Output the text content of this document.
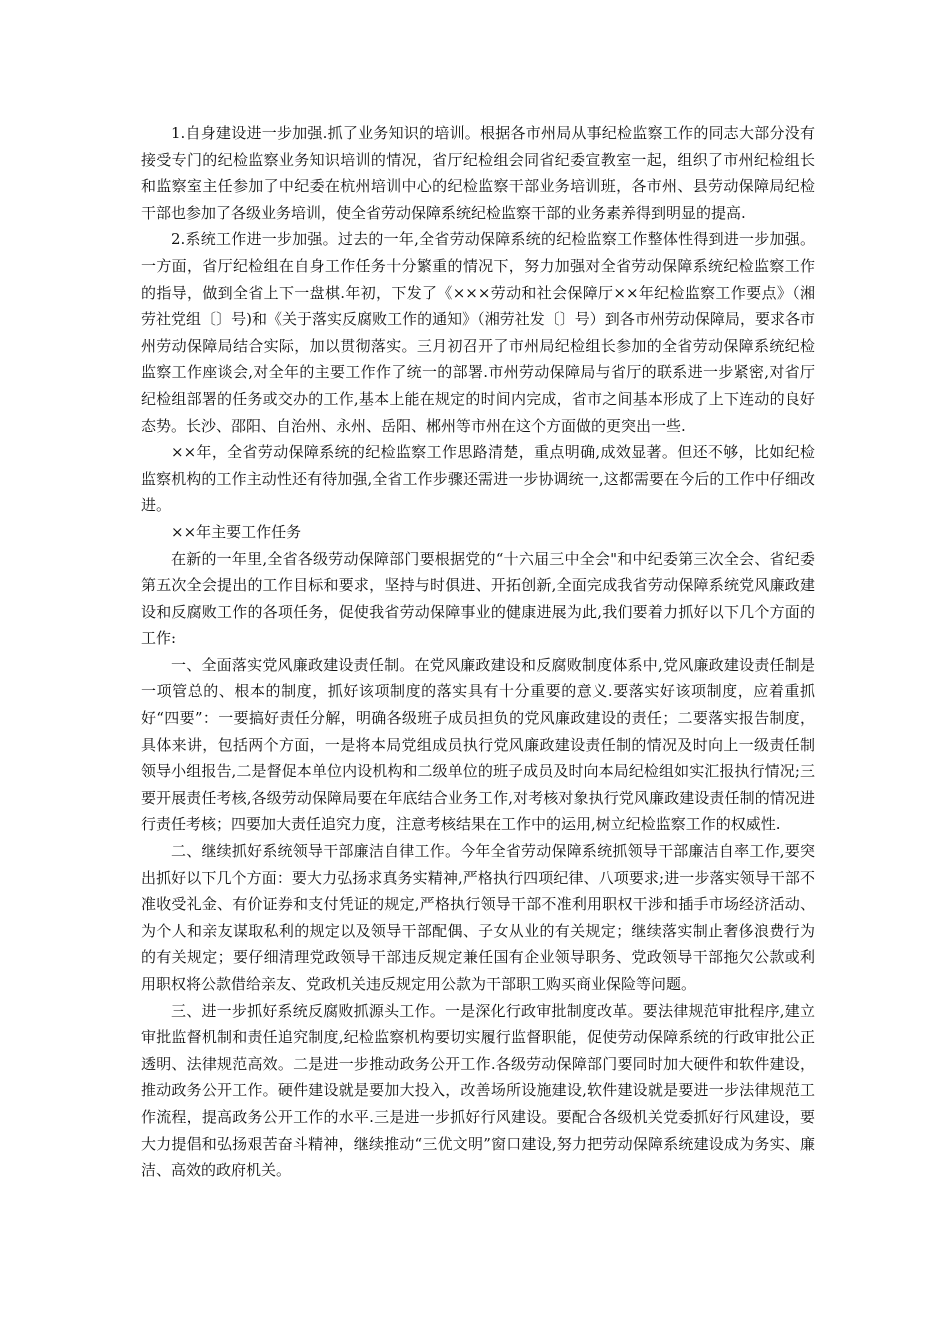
1.自身建设进一步加强.抓了业务知识的培训。根据各市州局从事纪检监察工作的同志大部分没有接受专门的纪检监察业务知识培训的情况，省厅纪检组会同省纪委宣教室一起，组织了市州纪检组长和监察室主任参加了中纪委在杭州培训中心的纪检监察干部业务培训班，各市州、县劳动保障局纪检干部也参加了各级业务培训，使全省劳动保障系统纪检监察干部的业务素养得到明显的提高.

2.系统工作进一步加强。过去的一年,全省劳动保障系统的纪检监察工作整体性得到进一步加强。一方面，省厅纪检组在自身工作任务十分繁重的情况下，努力加强对全省劳动保障系统纪检监察工作的指导，做到全省上下一盘棋.年初，下发了《×××劳动和社会保障厅××年纪检监察工作要点》（湘劳社党组〔〕号)和《关于落实反腐败工作的通知》（湘劳社发〔〕号）到各市州劳动保障局，要求各市州劳动保障局结合实际，加以贯彻落实。三月初召开了市州局纪检组长参加的全省劳动保障系统纪检监察工作座谈会,对全年的主要工作作了统一的部署.市州劳动保障局与省厅的联系进一步紧密,对省厅纪检组部署的任务或交办的工作,基本上能在规定的时间内完成，省市之间基本形成了上下连动的良好态势。长沙、邵阳、自治州、永州、岳阳、郴州等市州在这个方面做的更突出一些.

××年，全省劳动保障系统的纪检监察工作思路清楚，重点明确,成效显著。但还不够，比如纪检监察机构的工作主动性还有待加强,全省工作步骤还需进一步协调统一,这都需要在今后的工作中仔细改进。

××年主要工作任务

在新的一年里,全省各级劳动保障部门要根据党的“十六届三中全会"和中纪委第三次全会、省纪委第五次全会提出的工作目标和要求，坚持与时俱进、开拓创新,全面完成我省劳动保障系统党风廉政建设和反腐败工作的各项任务，促使我省劳动保障事业的健康进展为此,我们要着力抓好以下几个方面的工作:

一、全面落实党风廉政建设责任制。在党风廉政建设和反腐败制度体系中,党风廉政建设责任制是一项管总的、根本的制度，抓好该项制度的落实具有十分重要的意义.要落实好该项制度，应着重抓好“四要”：一要搞好责任分解，明确各级班子成员担负的党风廉政建设的责任；二要落实报告制度，具体来讲，包括两个方面，一是将本局党组成员执行党风廉政建设责任制的情况及时向上一级责任制领导小组报告,二是督促本单位内设机构和二级单位的班子成员及时向本局纪检组如实汇报执行情况;三要开展责任考核,各级劳动保障局要在年底结合业务工作,对考核对象执行党风廉政建设责任制的情况进行责任考核；四要加大责任追究力度，注意考核结果在工作中的运用,树立纪检监察工作的权威性.

二、继续抓好系统领导干部廉洁自律工作。今年全省劳动保障系统抓领导干部廉洁自率工作,要突出抓好以下几个方面：要大力弘扬求真务实精神,严格执行四项纪律、八项要求;进一步落实领导干部不准收受礼金、有价证券和支付凭证的规定,严格执行领导干部不准利用职权干涉和插手市场经济活动、为个人和亲友谋取私利的规定以及领导干部配偶、子女从业的有关规定；继续落实制止奢侈浪费行为的有关规定；要仔细清理党政领导干部违反规定兼任国有企业领导职务、党政领导干部拖欠公款或利用职权将公款借给亲友、党政机关违反规定用公款为干部职工购买商业保险等问题。

三、进一步抓好系统反腐败抓源头工作。一是深化行政审批制度改革。要法律规范审批程序,建立审批监督机制和责任追究制度,纪检监察机构要切实履行监督职能，促使劳动保障系统的行政审批公正透明、法律规范高效。二是进一步推动政务公开工作.各级劳动保障部门要同时加大硬件和软件建设，推动政务公开工作。硬件建设就是要加大投入，改善场所设施建设,软件建设就是要进一步法律规范工作流程，提高政务公开工作的水平.三是进一步抓好行风建设。要配合各级机关党委抓好行风建设，要大力提倡和弘扬艰苦奋斗精神，继续推动“三优文明”窗口建设,努力把劳动保障系统建设成为务实、廉洁、高效的政府机关。
